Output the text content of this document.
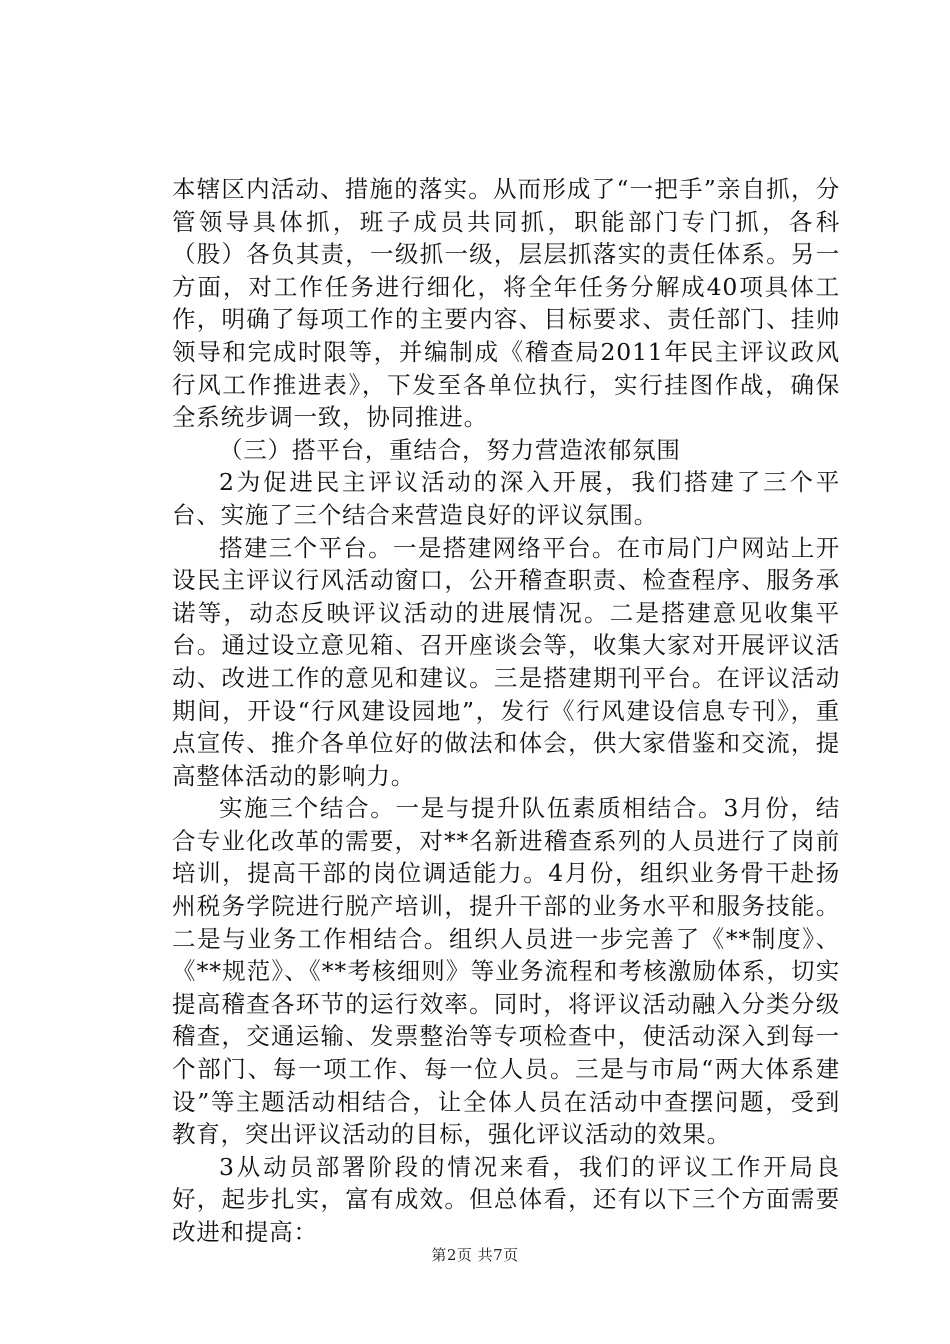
本辖区内活动、措施的落实。从而形成了“一把手”亲自抓，分管领导具体抓，班子成员共同抓，职能部门专门抓，各科（股）各负其责，一级抓一级，层层抓落实的责任体系。另一方面，对工作任务进行细化，将全年任务分解成40项具体工作，明确了每项工作的主要内容、目标要求、责任部门、挂帅领导和完成时限等，并编制成《稽查局2011年民主评议政风行风工作推进表》，下发至各单位执行，实行挂图作战，确保全系统步调一致，协同推进。

（三）搭平台，重结合，努力营造浓郁氛围

2为促进民主评议活动的深入开展，我们搭建了三个平台、实施了三个结合来营造良好的评议氛围。

搭建三个平台。一是搭建网络平台。在市局门户网站上开设民主评议行风活动窗口，公开稽查职责、检查程序、服务承诺等，动态反映评议活动的进展情况。二是搭建意见收集平台。通过设立意见箱、召开座谈会等，收集大家对开展评议活动、改进工作的意见和建议。三是搭建期刊平台。在评议活动期间，开设“行风建设园地”，发行《行风建设信息专刊》，重点宣传、推介各单位好的做法和体会，供大家借鉴和交流，提高整体活动的影响力。

实施三个结合。一是与提升队伍素质相结合。3月份，结合专业化改革的需要，对**名新进稽查系列的人员进行了岗前培训，提高干部的岗位调适能力。4月份，组织业务骨干赴扬州税务学院进行脱产培训，提升干部的业务水平和服务技能。二是与业务工作相结合。组织人员进一步完善了《**制度》、《**规范》、《**考核细则》等业务流程和考核激励体系，切实提高稽查各环节的运行效率。同时，将评议活动融入分类分级稽查，交通运输、发票整治等专项检查中，使活动深入到每一个部门、每一项工作、每一位人员。三是与市局“两大体系建设”等主题活动相结合，让全体人员在活动中查摆问题，受到教育，突出评议活动的目标，强化评议活动的效果。

3从动员部署阶段的情况来看，我们的评议工作开局良好，起步扎实，富有成效。但总体看，还有以下三个方面需要改进和提高：

第2页 共7页
